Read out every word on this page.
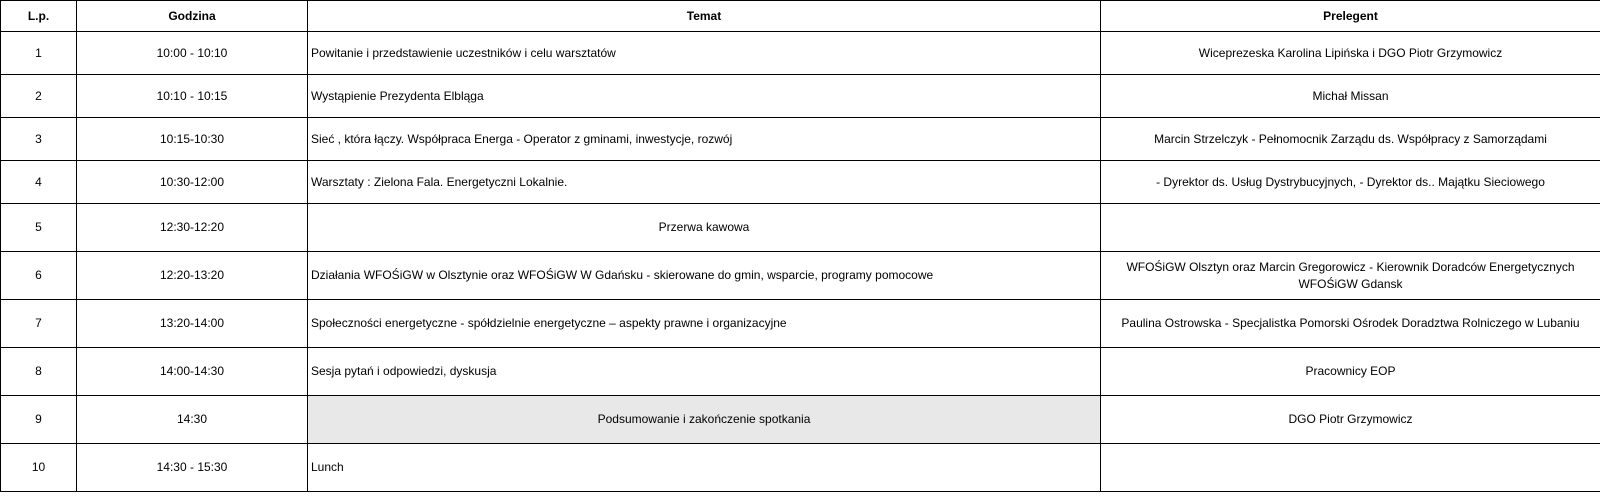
L.p.	Godzina	Temat	Prelegent
1	10:00 - 10:10	Powitanie i przedstawienie uczestników i celu warsztatów	Wiceprezeska Karolina Lipińska i DGO Piotr Grzymowicz
2	10:10 - 10:15	Wystąpienie Prezydenta Elbląga	Michał Missan
3	10:15-10:30	Sieć , która łączy. Współpraca Energa - Operator z gminami, inwestycje, rozwój	Marcin Strzelczyk - Pełnomocnik Zarządu ds. Współpracy z Samorządami
4	10:30-12:00	Warsztaty : Zielona Fala. Energetyczni Lokalnie.	- Dyrektor ds. Usług Dystrybucyjnych, - Dyrektor ds.. Majątku Sieciowego
5	12:30-12:20	Przerwa kawowa	
6	12:20-13:20	Działania WFOŚiGW w Olsztynie oraz WFOŚiGW W Gdańsku - skierowane do gmin, wsparcie, programy pomocowe	WFOŚiGW Olsztyn oraz Marcin Gregorowicz - Kierownik Doradców Energetycznych WFOŚiGW Gdansk
7	13:20-14:00	Społeczności energetyczne - spółdzielnie energetyczne – aspekty prawne i organizacyjne	Paulina Ostrowska - Specjalistka Pomorski Ośrodek Doradztwa Rolniczego w Lubaniu
8	14:00-14:30	Sesja pytań i odpowiedzi, dyskusja	Pracownicy EOP
9	14:30	Podsumowanie i zakończenie spotkania	DGO Piotr Grzymowicz
10	14:30 - 15:30	Lunch	
